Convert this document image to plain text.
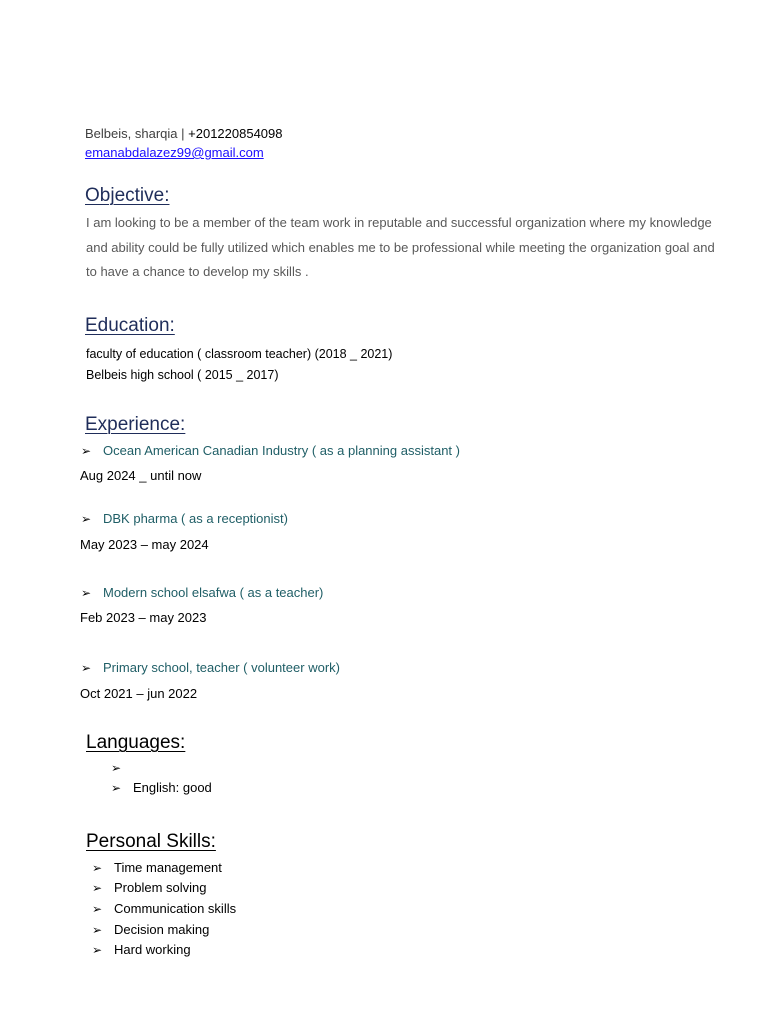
Belbeis, sharqia | +201220854098
emanabdalazez99@gmail.com
Objective:
I am looking to be a member of the team work in reputable and successful organization where my knowledge and ability could be fully utilized which enables me to be professional while meeting the organization goal and to have a chance to develop my skills .
Education:
faculty of education ( classroom teacher) (2018 _ 2021)
Belbeis high school ( 2015 _ 2017)
Experience:
➢ Ocean American Canadian Industry ( as a planning assistant )
Aug 2024 _ until now
➢ DBK pharma ( as a receptionist)
May 2023 – may 2024
➢ Modern school elsafwa ( as a teacher)
Feb 2023 – may 2023
➢ Primary school, teacher ( volunteer work)
Oct 2021 – jun 2022
Languages:
➢
➢ English: good
Personal Skills:
➢ Time management
➢ Problem solving
➢ Communication skills
➢ Decision making
➢ Hard working
